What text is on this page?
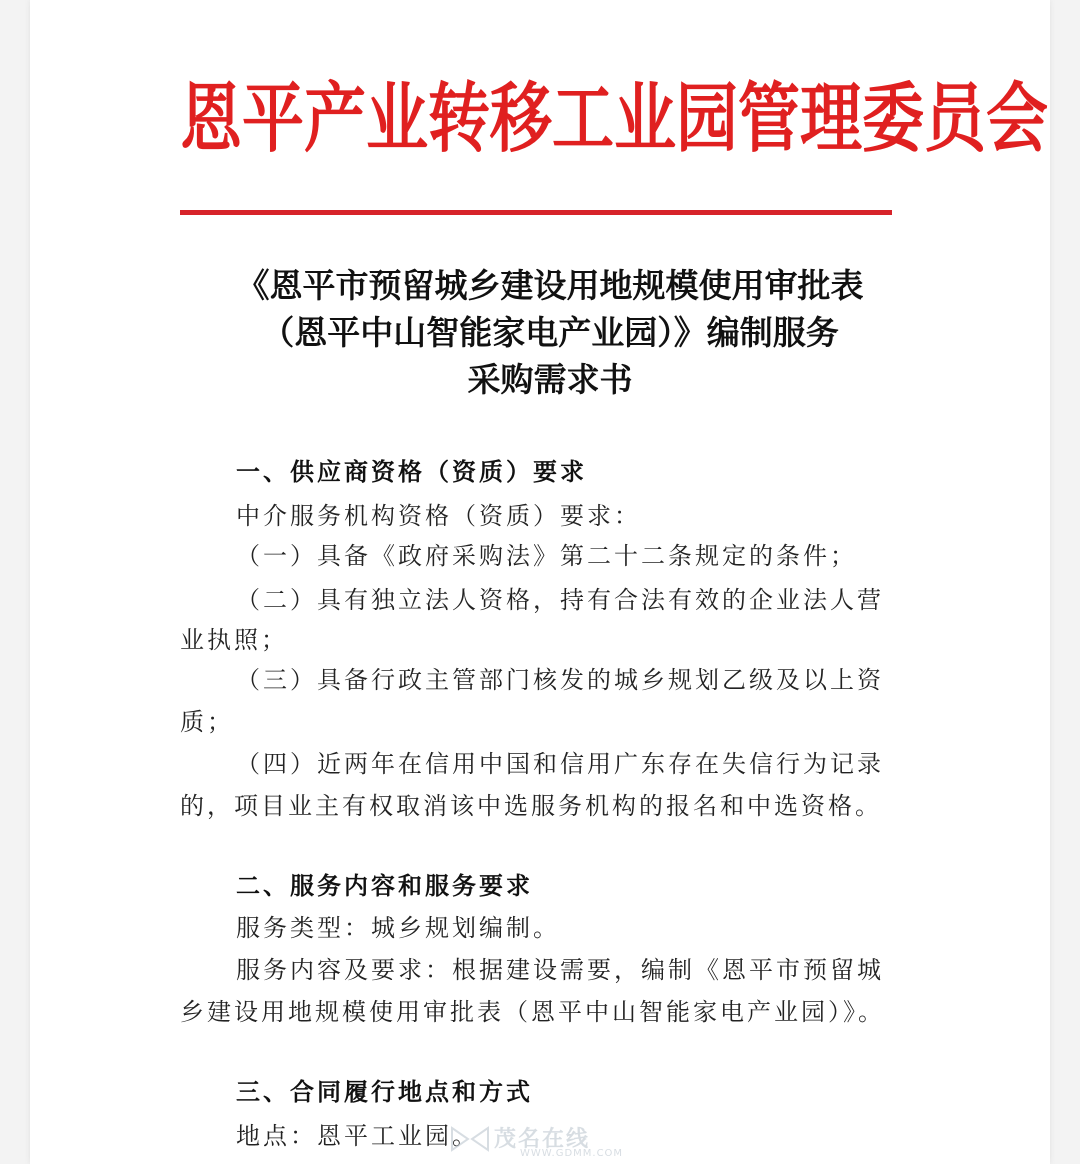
恩平产业转移工业园管理委员会
《恩平市预留城乡建设用地规模使用审批表
（恩平中山智能家电产业园）》编制服务
采购需求书
一、供应商资格（资质）要求
中介服务机构资格（资质）要求：
（一）具备《政府采购法》第二十二条规定的条件；
（二）具有独立法人资格，持有合法有效的企业法人营
业执照；
（三）具备行政主管部门核发的城乡规划乙级及以上资
质；
（四）近两年在信用中国和信用广东存在失信行为记录
的，项目业主有权取消该中选服务机构的报名和中选资格。
二、服务内容和服务要求
服务类型：城乡规划编制。
服务内容及要求：根据建设需要，编制《恩平市预留城
乡建设用地规模使用审批表（恩平中山智能家电产业园）》。
三、合同履行地点和方式
地点：恩平工业园。 茂名在线
WWW.GDMM.COM
